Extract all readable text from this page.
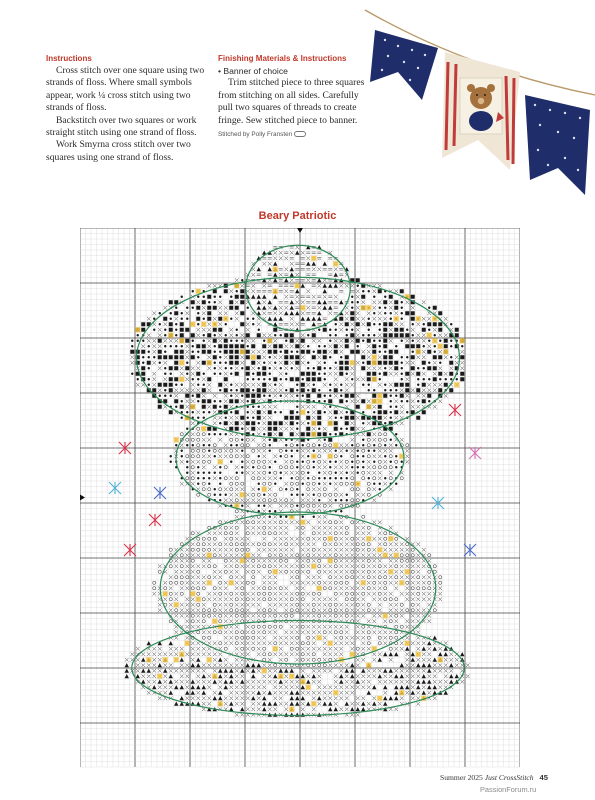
Instructions

Cross stitch over one square using two strands of floss. Where small symbols appear, work ¼ cross stitch using two strands of floss.

Backstitch over two squares or work straight stitch using one strand of floss.

Work Smyrna cross stitch over two squares using one strand of floss.

Finishing Materials & Instructions
• Banner of choice

Trim stitched piece to three squares from stitching on all sides. Carefully pull two squares of threads to create fringe. Sew stitched piece to banner.

Stitched by Polly Fransten
Beary Patriotic
Summer 2025 Just CrossStitch 45
PassionForum.ru
